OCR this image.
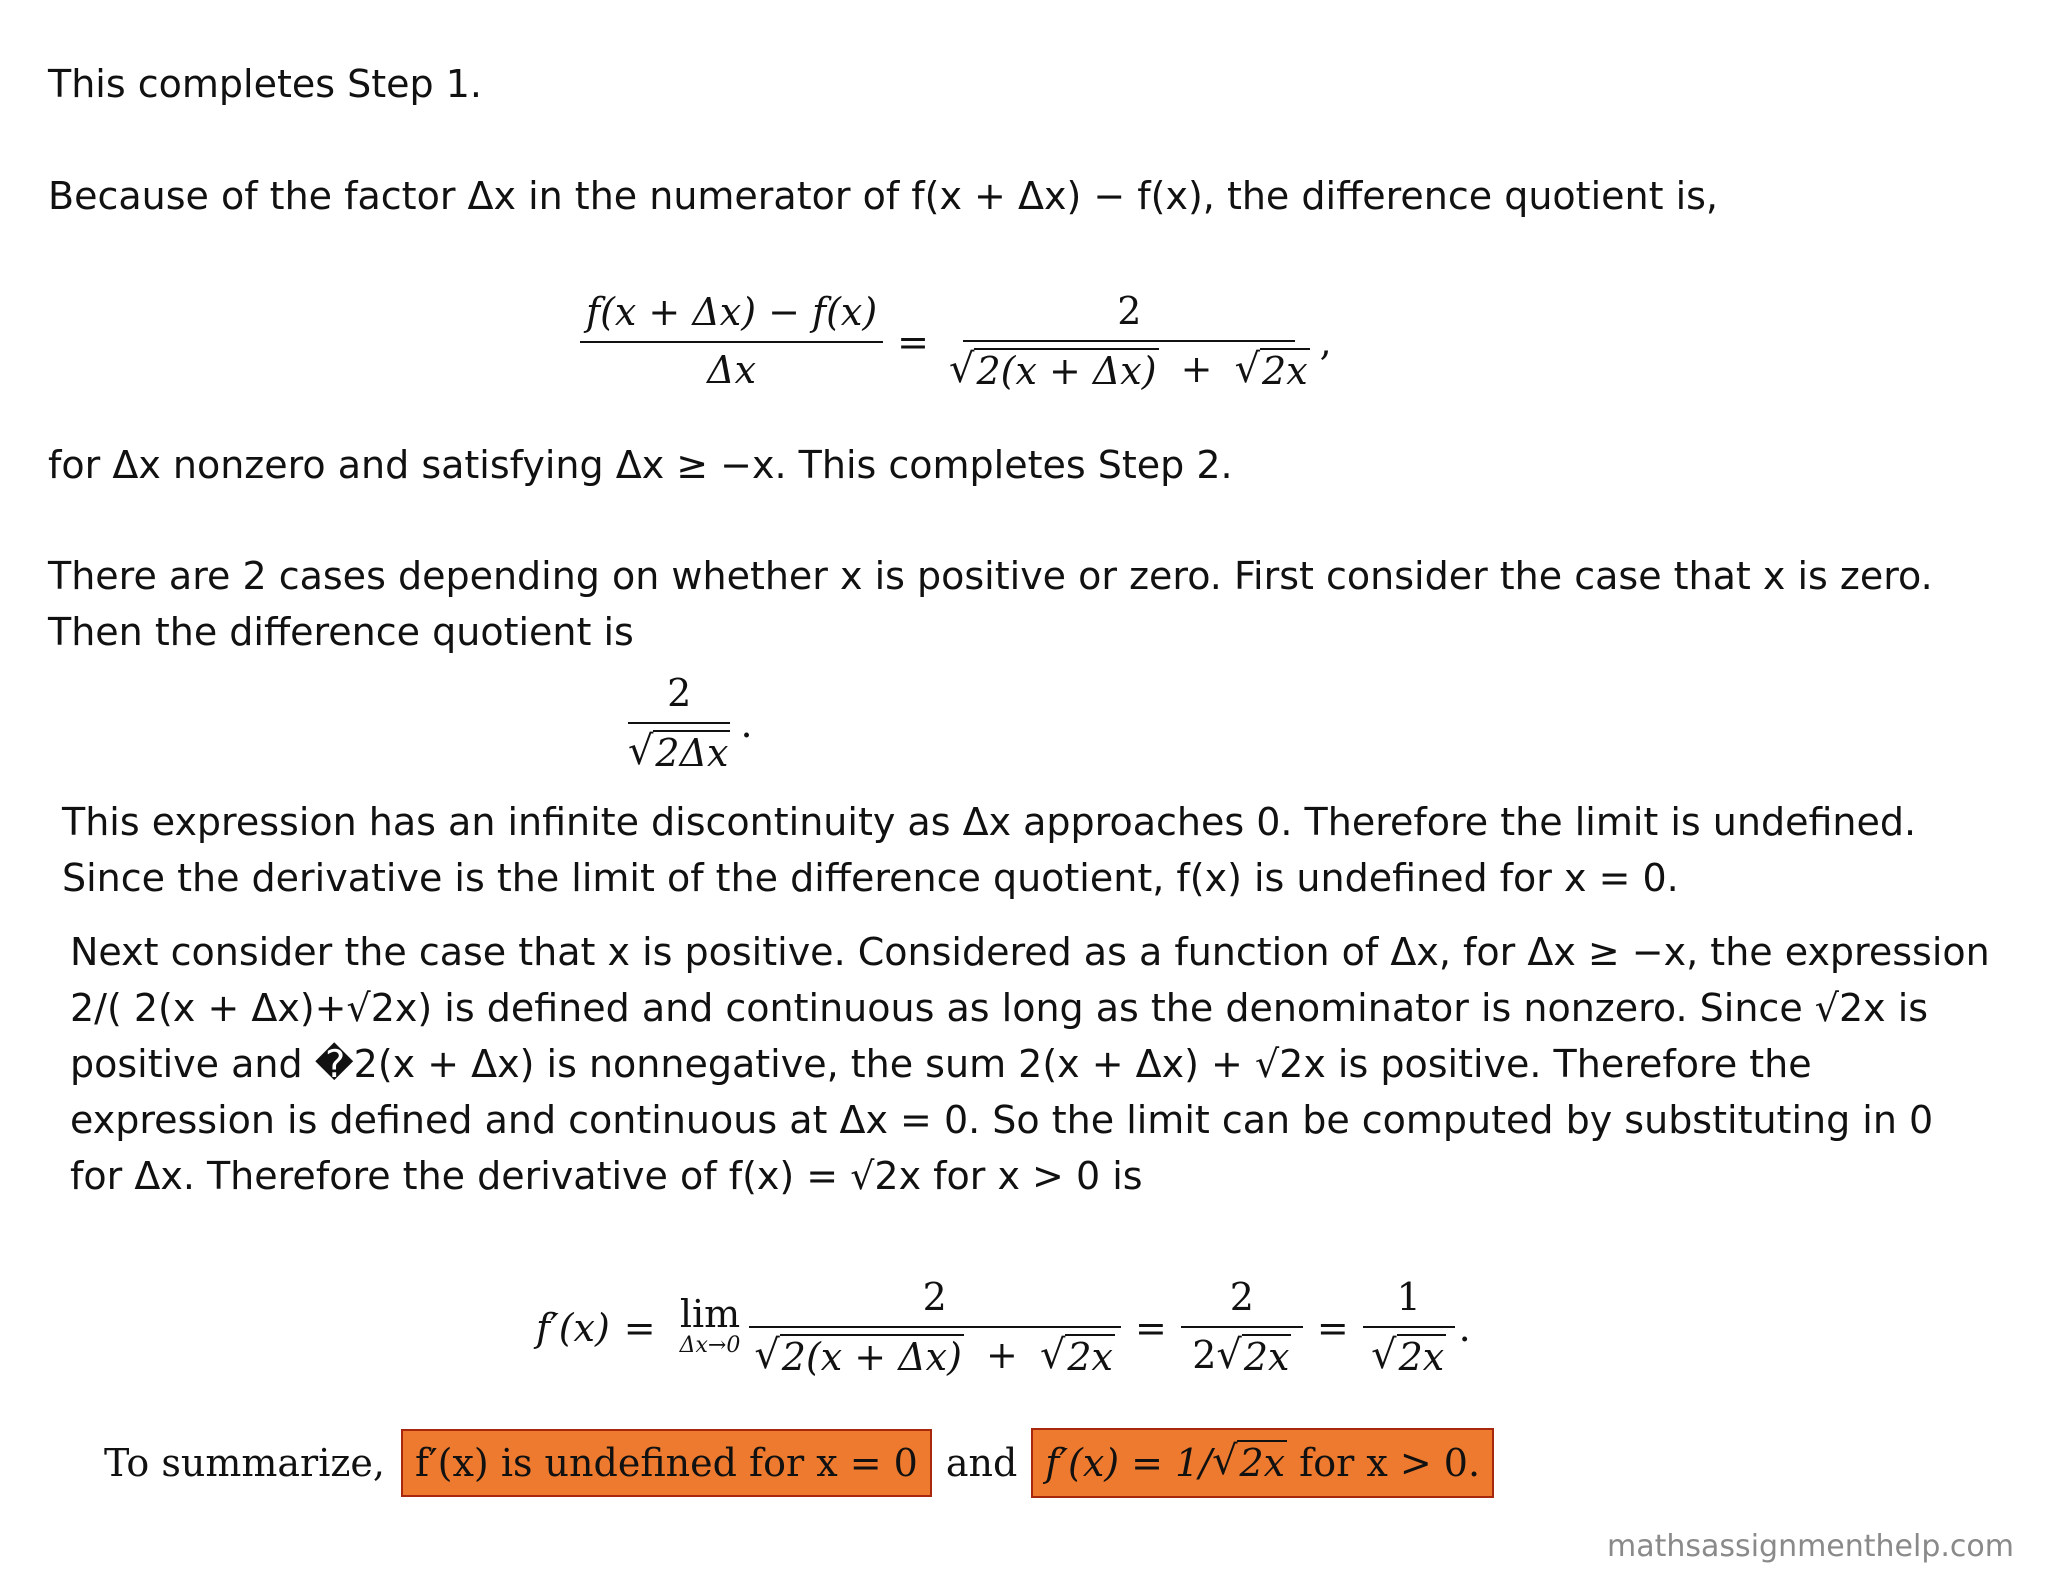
This completes Step 1.

Because of the factor Δx in the numerator of f(x + Δx) − f(x), the difference quotient is,

$\frac{f(x + \Delta x) - f(x)}{\Delta x} = \frac{2}{√ 2(x + \Delta x) + √ 2x}$ ,

for Δx nonzero and satisfying Δx ≥ −x. This completes Step 2.

There are 2 cases depending on whether x is positive or zero. First consider the case that x is zero.

Then the difference quotient is

$\frac{2}{√ 2\Delta x}$ .

This expression has an infinite discontinuity as Δx approaches 0. Therefore the limit is undefined.

Since the derivative is the limit of the difference quotient, f(x) is undefined for x = 0.

Next consider the case that x is positive. Considered as a function of Δx, for Δx ≥ −x, the expression

2/( 2(x + Δx)+√2x) is defined and continuous as long as the denominator is nonzero. Since √2x is

positive and �2(x + Δx) is nonnegative, the sum 2(x + Δx) + √2x is positive. Therefore the

expression is defined and continuous at Δx = 0. So the limit can be computed by substituting in 0

for Δx. Therefore the derivative of f(x) = √2x for x > 0 is

f′(x) = lim
$\Delta x\to 0 \frac{2}{√ 2(x + \Delta x) + √ 2x} = \frac{2}{2 √ 2x} = \frac{1}{√ 2x}$ .
To summarize, f′(x) is undefined for x = 0 and f′(x) = 1/ √ 2x for x > 0.
mathsassignmenthelp.com
